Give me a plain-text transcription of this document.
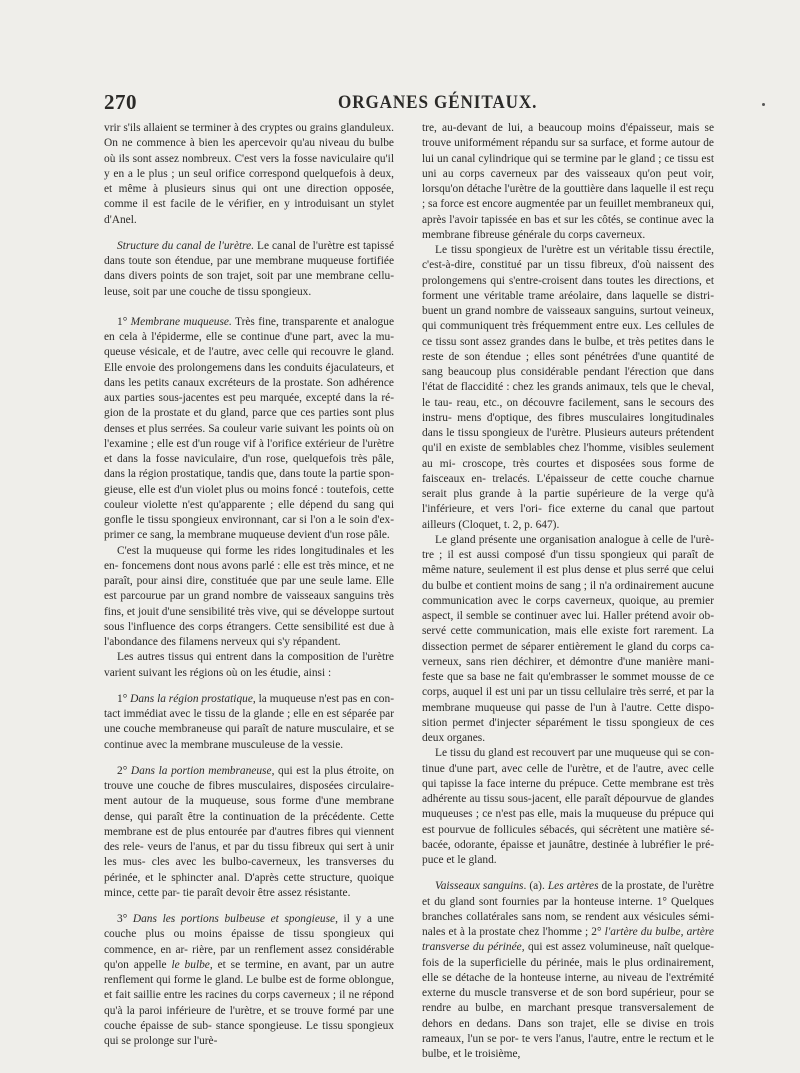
270	ORGANES GÉNITAUX.

vrir s'ils allaient se terminer à des cryptes ou grains glanduleux. On ne commence à bien les apercevoir qu'au niveau du bulbe où ils sont assez nombreux. C'est vers la fosse naviculaire qu'il y en a le plus ; un seul orifice correspond quelquefois à deux, et même à plusieurs sinus qui ont une direction opposée, comme il est facile de le vérifier, en y introduisant un stylet d'Anel.

Structure du canal de l'urètre. Le canal de l'urètre est tapissé dans toute son étendue, par une membrane muqueuse fortifiée dans divers points de son trajet, soit par une membrane cellu- leuse, soit par une couche de tissu spongieux.

1° Membrane muqueuse. Très fine, transparente et analogue en cela à l'épiderme, elle se continue d'une part, avec la mu- queuse vésicale, et de l'autre, avec celle qui recouvre le gland. Elle envoie des prolongemens dans les conduits éjaculateurs, et dans les petits canaux excréteurs de la prostate. Son adhérence aux parties sous-jacentes est peu marquée, excepté dans la ré- gion de la prostate et du gland, parce que ces parties sont plus denses et plus serrées. Sa couleur varie suivant les points où on l'examine ; elle est d'un rouge vif à l'orifice extérieur de l'urètre et dans la fosse naviculaire, d'un rose, quelquefois très pâle, dans la région prostatique, tandis que, dans toute la partie spon- gieuse, elle est d'un violet plus ou moins foncé : toutefois, cette couleur violette n'est qu'apparente ; elle dépend du sang qui gonfle le tissu spongieux environnant, car si l'on a le soin d'ex- primer ce sang, la membrane muqueuse devient d'un rose pâle.

C'est la muqueuse qui forme les rides longitudinales et les en- foncemens dont nous avons parlé : elle est très mince, et ne paraît, pour ainsi dire, constituée que par une seule lame. Elle est parcourue par un grand nombre de vaisseaux sanguins très fins, et jouit d'une sensibilité très vive, qui se développe surtout sous l'influence des corps étrangers. Cette sensibilité est due à l'abondance des filamens nerveux qui s'y répandent.

Les autres tissus qui entrent dans la composition de l'urètre varient suivant les régions où on les étudie, ainsi :

1° Dans la région prostatique, la muqueuse n'est pas en con- tact immédiat avec le tissu de la glande ; elle en est séparée par une couche membraneuse qui paraît de nature musculaire, et se continue avec la membrane musculeuse de la vessie.

2° Dans la portion membraneuse, qui est la plus étroite, on trouve une couche de fibres musculaires, disposées circulaire- ment autour de la muqueuse, sous forme d'une membrane dense, qui paraît être la continuation de la précédente. Cette membrane est de plus entourée par d'autres fibres qui viennent des rele- veurs de l'anus, et par du tissu fibreux qui sert à unir les mus- cles avec les bulbo-caverneux, les transverses du périnée, et le sphincter anal. D'après cette structure, quoique mince, cette par- tie paraît devoir être assez résistante.

3° Dans les portions bulbeuse et spongieuse, il y a une couche plus ou moins épaisse de tissu spongieux qui commence, en ar- rière, par un renflement assez considérable qu'on appelle le bulbe, et se termine, en avant, par un autre renflement qui forme le gland. Le bulbe est de forme oblongue, et fait saillie entre les racines du corps caverneux ; il ne répond qu'à la paroi inférieure de l'urètre, et se trouve formé par une couche épaisse de sub- stance spongieuse. Le tissu spongieux qui se prolonge sur l'urè-

tre, au-devant de lui, a beaucoup moins d'épaisseur, mais se trouve uniformément répandu sur sa surface, et forme autour de lui un canal cylindrique qui se termine par le gland ; ce tissu est uni au corps caverneux par des vaisseaux qu'on peut voir, lorsqu'on détache l'urètre de la gouttière dans laquelle il est reçu ; sa force est encore augmentée par un feuillet membraneux qui, après l'avoir tapissée en bas et sur les côtés, se continue avec la membrane fibreuse générale du corps caverneux.

Le tissu spongieux de l'urètre est un véritable tissu érectile, c'est-à-dire, constitué par un tissu fibreux, d'où naissent des prolongemens qui s'entre-croisent dans toutes les directions, et forment une véritable trame aréolaire, dans laquelle se distri- buent un grand nombre de vaisseaux sanguins, surtout veineux, qui communiquent très fréquemment entre eux. Les cellules de ce tissu sont assez grandes dans le bulbe, et très petites dans le reste de son étendue ; elles sont pénétrées d'une quantité de sang beaucoup plus considérable pendant l'érection que dans l'état de flaccidité : chez les grands animaux, tels que le cheval, le tau- reau, etc., on découvre facilement, sans le secours des instru- mens d'optique, des fibres musculaires longitudinales dans le tissu spongieux de l'urètre. Plusieurs auteurs prétendent qu'il en existe de semblables chez l'homme, visibles seulement au mi- croscope, très courtes et disposées sous forme de faisceaux en- trelacés. L'épaisseur de cette couche charnue serait plus grande à la partie supérieure de la verge qu'à l'inférieure, et vers l'ori- fice externe du canal que partout ailleurs (Cloquet, t. 2, p. 647).

Le gland présente une organisation analogue à celle de l'urè- tre ; il est aussi composé d'un tissu spongieux qui paraît de même nature, seulement il est plus dense et plus serré que celui du bulbe et contient moins de sang ; il n'a ordinairement aucune communication avec le corps caverneux, quoique, au premier aspect, il semble se continuer avec lui. Haller prétend avoir ob- servé cette communication, mais elle existe fort rarement. La dissection permet de séparer entièrement le gland du corps ca- verneux, sans rien déchirer, et démontre d'une manière mani- feste que sa base ne fait qu'embrasser le sommet mousse de ce corps, auquel il est uni par un tissu cellulaire très serré, et par la membrane muqueuse qui passe de l'un à l'autre. Cette dispo- sition permet d'injecter séparément le tissu spongieux de ces deux organes.

Le tissu du gland est recouvert par une muqueuse qui se con- tinue d'une part, avec celle de l'urètre, et de l'autre, avec celle qui tapisse la face interne du prépuce. Cette membrane est très adhérente au tissu sous-jacent, elle paraît dépourvue de glandes muqueuses ; ce n'est pas elle, mais la muqueuse du prépuce qui est pourvue de follicules sébacés, qui sécrètent une matière sé- bacée, odorante, épaisse et jaunâtre, destinée à lubréfier le pré- puce et le gland.

Vaisseaux sanguins. (a). Les artères de la prostate, de l'urètre et du gland sont fournies par la honteuse interne. 1° Quelques branches collatérales sans nom, se rendent aux vésicules sémi- nales et à la prostate chez l'homme ; 2° l'artère du bulbe, artère transverse du périnée, qui est assez volumineuse, naît quelque- fois de la superficielle du périnée, mais le plus ordinairement, elle se détache de la honteuse interne, au niveau de l'extrémité externe du muscle transverse et de son bord supérieur, pour se rendre au bulbe, en marchant presque transversalement de dehors en dedans. Dans son trajet, elle se divise en trois rameaux, l'un se por- te vers l'anus, l'autre, entre le rectum et le bulbe, et le troisième,
